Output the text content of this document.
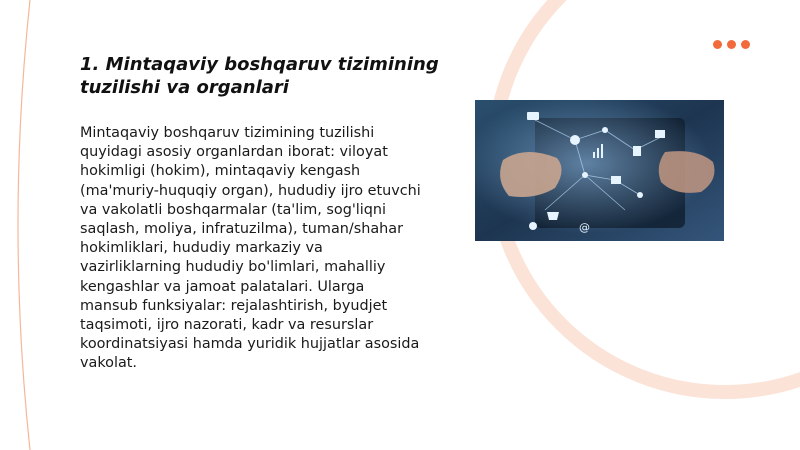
1. Mintaqaviy boshqaruv tizimining tuzilishi va organlari

Mintaqaviy boshqaruv tizimining tuzilishi quyidagi asosiy organlardan iborat: viloyat hokimligi (hokim), mintaqaviy kengash (ma'muriy-huquqiy organ), hududiy ijro etuvchi va vakolatli boshqarmalar (ta'lim, sog'liqni saqlash, moliya, infratuzilma), tuman/shahar hokimliklari, hududiy markaziy va vazirliklarning hududiy bo'limlari, mahalliy kengashlar va jamoat palatalari. Ularga mansub funksiyalar: rejalashtirish, byudjet taqsimoti, ijro nazorati, kadr va resurslar koordinatsiyasi hamda yuridik hujjatlar asosida vakolat.

@
